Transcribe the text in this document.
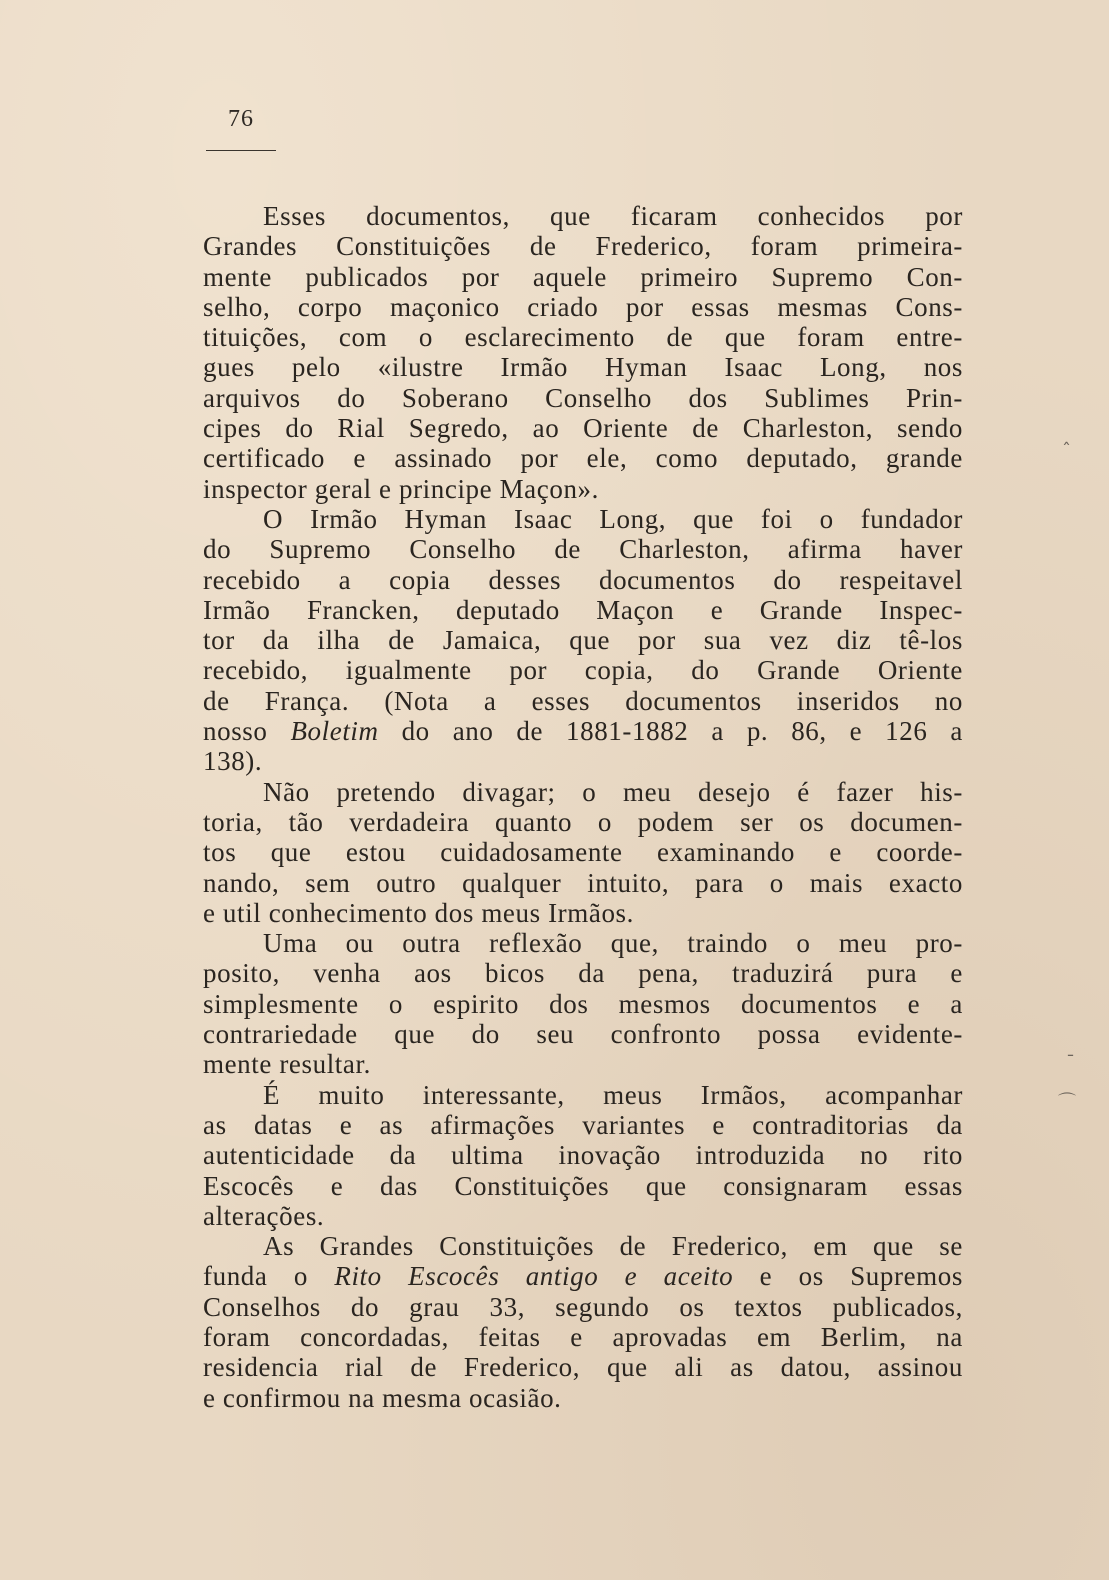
76
Esses documentos, que ficaram conhecidos por
Grandes Constituições de Frederico, foram primeira-
mente publicados por aquele primeiro Supremo Con-
selho, corpo maçonico criado por essas mesmas Cons-
tituições, com o esclarecimento de que foram entre-
gues pelo «ilustre Irmão Hyman Isaac Long, nos
arquivos do Soberano Conselho dos Sublimes Prin-
cipes do Rial Segredo, ao Oriente de Charleston, sendo
certificado e assinado por ele, como deputado, grande
inspector geral e principe Maçon».
O Irmão Hyman Isaac Long, que foi o fundador
do Supremo Conselho de Charleston, afirma haver
recebido a copia desses documentos do respeitavel
Irmão Francken, deputado Maçon e Grande Inspec-
tor da ilha de Jamaica, que por sua vez diz tê-los
recebido, igualmente por copia, do Grande Oriente
de França. (Nota a esses documentos inseridos no
nosso Boletim do ano de 1881-1882 a p. 86, e 126 a
138).
Não pretendo divagar; o meu desejo é fazer his-
toria, tão verdadeira quanto o podem ser os documen-
tos que estou cuidadosamente examinando e coorde-
nando, sem outro qualquer intuito, para o mais exacto
e util conhecimento dos meus Irmãos.
Uma ou outra reflexão que, traindo o meu pro-
posito, venha aos bicos da pena, traduzirá pura e
simplesmente o espirito dos mesmos documentos e a
contrariedade que do seu confronto possa evidente-
mente resultar.
É muito interessante, meus Irmãos, acompanhar
as datas e as afirmações variantes e contraditorias da
autenticidade da ultima inovação introduzida no rito
Escocês e das Constituições que consignaram essas
alterações.
As Grandes Constituições de Frederico, em que se
funda o Rito Escocês antigo e aceito e os Supremos
Conselhos do grau 33, segundo os textos publicados,
foram concordadas, feitas e aprovadas em Berlim, na
residencia rial de Frederico, que ali as datou, assinou
e confirmou na mesma ocasião.
ˆ
ˉ
⌒
